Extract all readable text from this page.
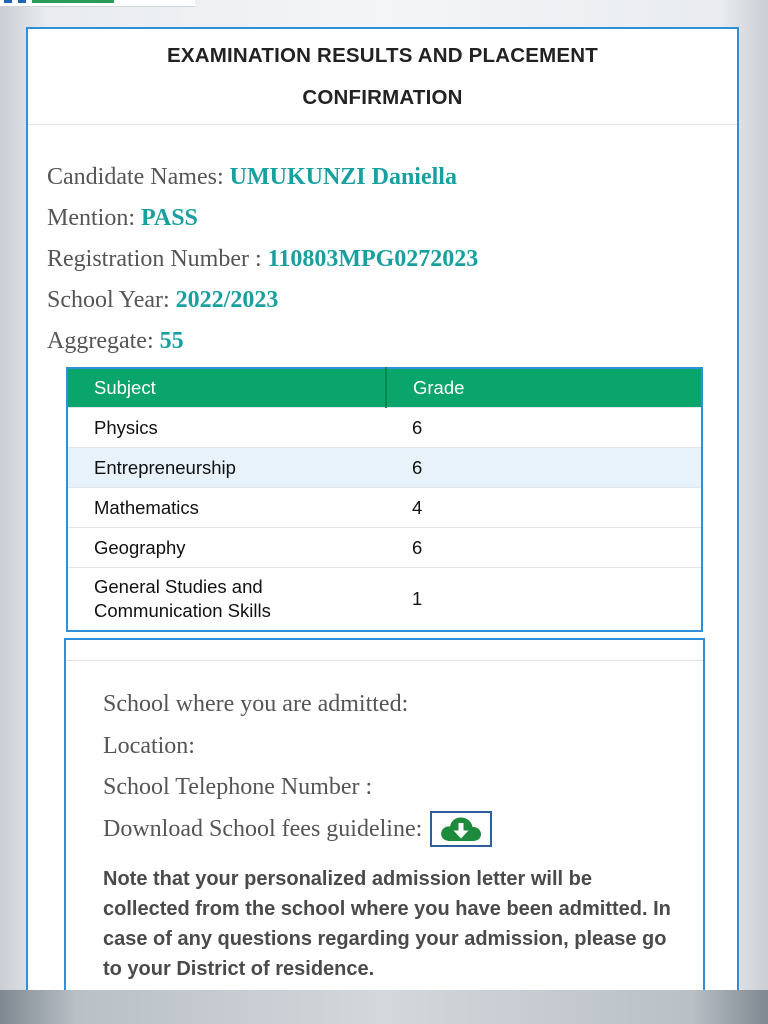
EXAMINATION RESULTS AND PLACEMENT
CONFIRMATION
Candidate Names: UMUKUNZI Daniella
Mention: PASS
Registration Number : 110803MPG0272023
School Year: 2022/2023
Aggregate: 55
Subject	Grade
Physics	6
Entrepreneurship	6
Mathematics	4
Geography	6
General Studies and
Communication Skills	1
School where you are admitted:
Location:
School Telephone Number :
Download School fees guideline:
Note that your personalized admission letter will be collected from the school where you have been admitted. In case of any questions regarding your admission, please go to your District of residence.
